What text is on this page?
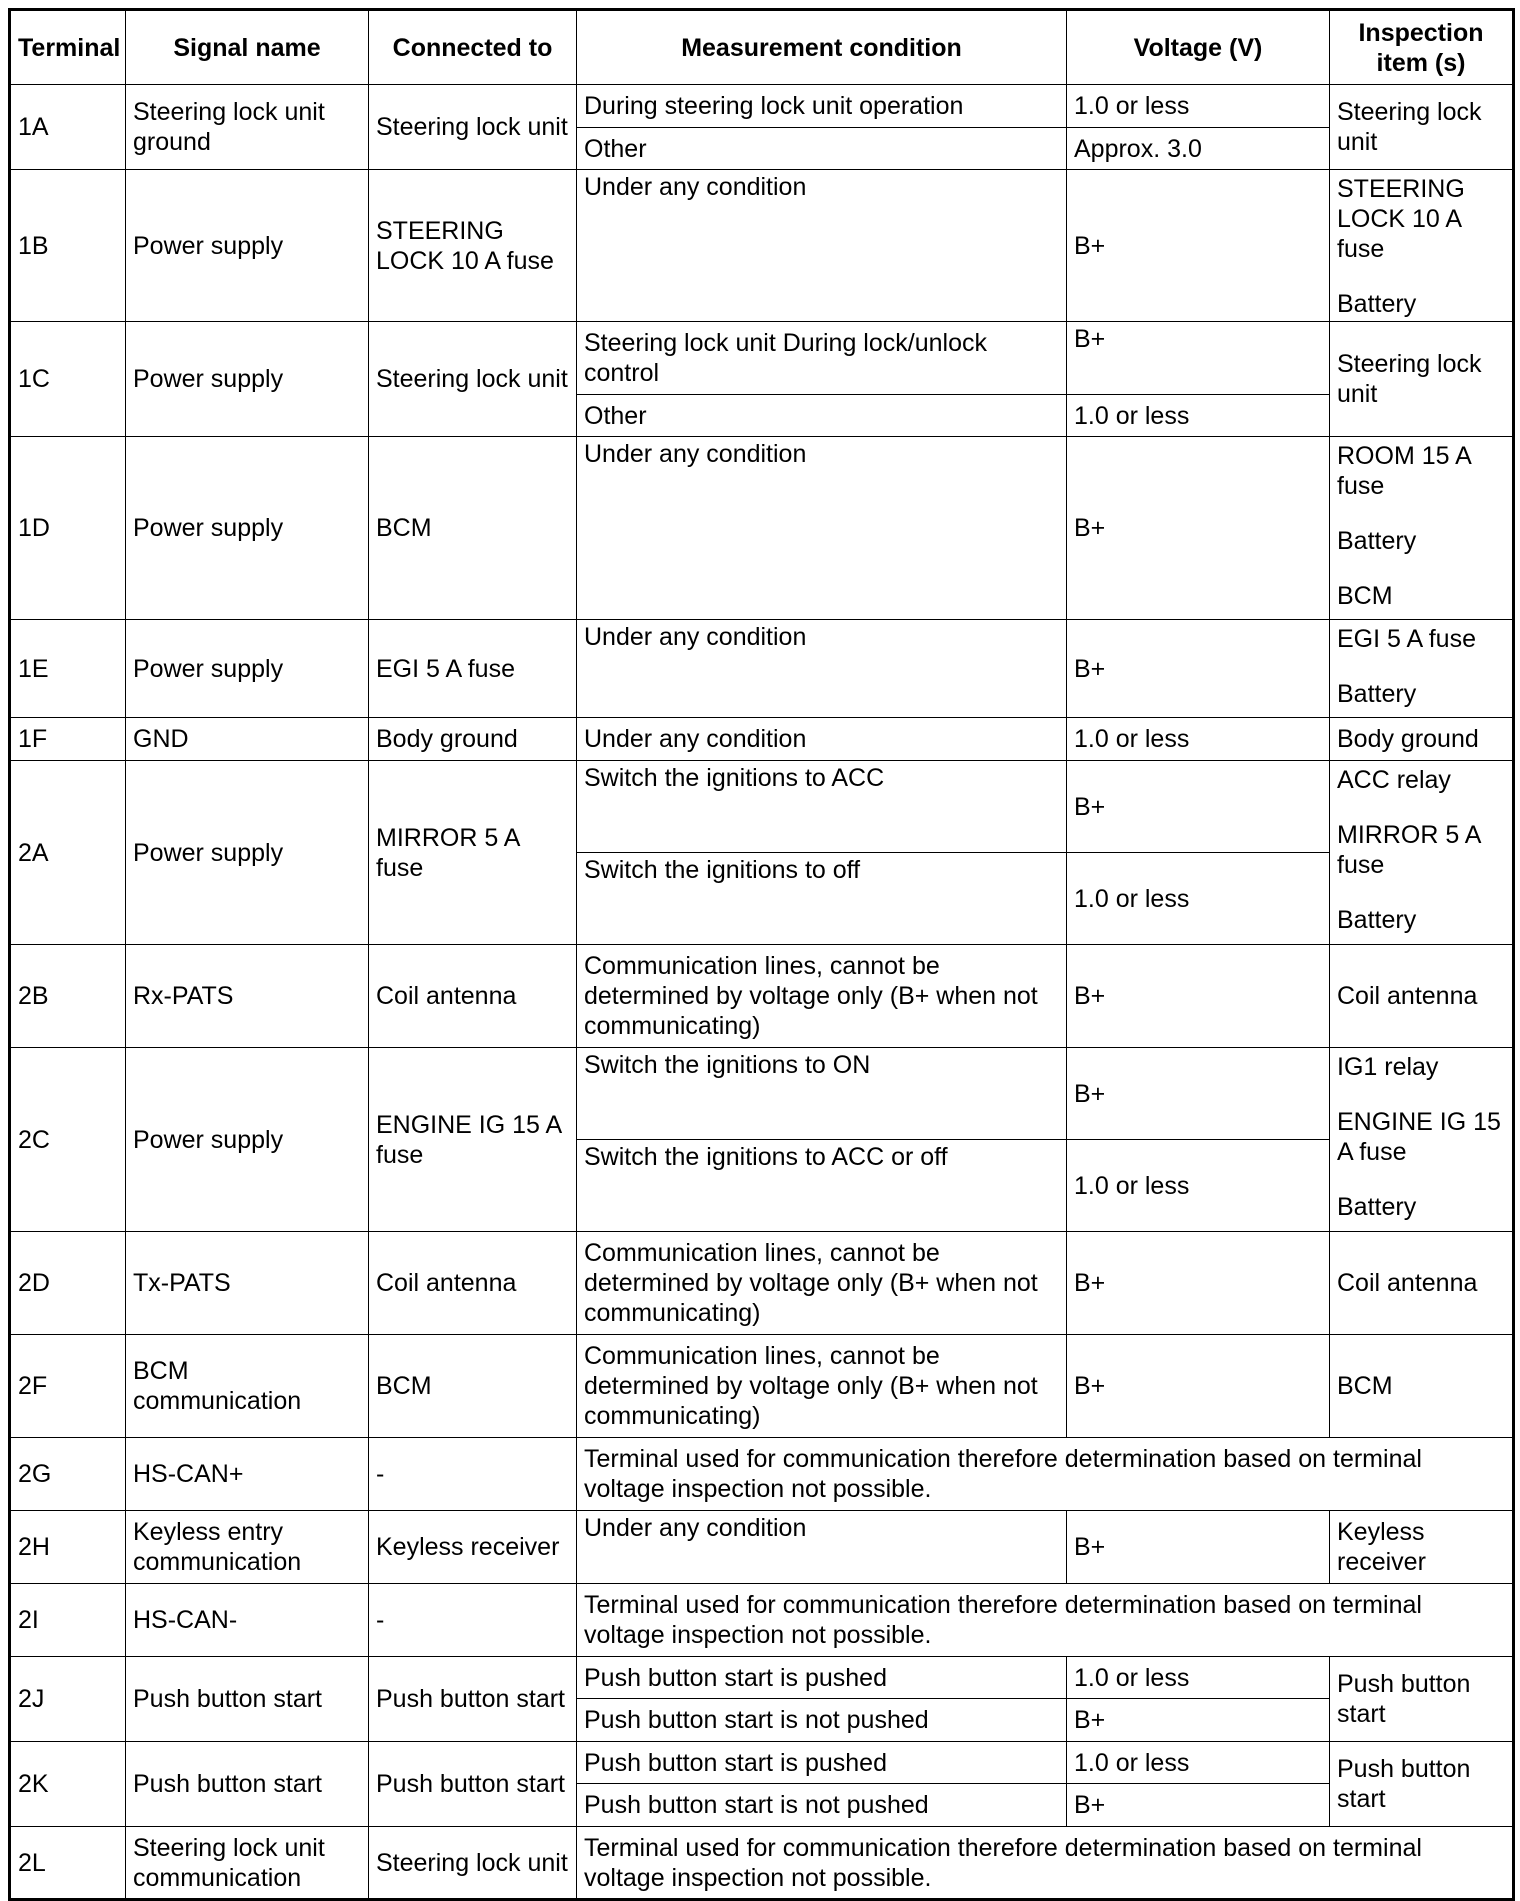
Terminal	Signal name	Connected to	Measurement condition	Voltage (V)	Inspection item (s)
1A	Steering lock unit ground	Steering lock unit	During steering lock unit operation	1.0 or less	Steering lock unit
			Other	Approx. 3.0	
1B	Power supply	STEERING LOCK 10 A fuse	Under any condition	B+	STEERING LOCK 10 A fuse
Battery

1C	Power supply	Steering lock unit	Steering lock unit During lock/unlock control	B+	Steering lock unit
			Other	1.0 or less	
1D	Power supply	BCM	Under any condition	B+	ROOM 15 A fuse
Battery
BCM

1E	Power supply	EGI 5 A fuse	Under any condition	B+	EGI 5 A fuse
Battery

1F	GND	Body ground	Under any condition	1.0 or less	Body ground
2A	Power supply	MIRROR 5 A fuse	Switch the ignitions to ACC	B+	ACC relay
MIRROR 5 A fuse
Battery

			Switch the ignitions to off	1.0 or less	
2B	Rx-PATS	Coil antenna	Communication lines, cannot be determined by voltage only (B+ when not communicating)	B+	Coil antenna
2C	Power supply	ENGINE IG 15 A fuse	Switch the ignitions to ON	B+	IG1 relay
ENGINE IG 15 A fuse
Battery

			Switch the ignitions to ACC or off	1.0 or less	
2D	Tx-PATS	Coil antenna	Communication lines, cannot be determined by voltage only (B+ when not communicating)	B+	Coil antenna
2F	BCM communication	BCM	Communication lines, cannot be determined by voltage only (B+ when not communicating)	B+	BCM
2G	HS-CAN+	-	Terminal used for communication therefore determination based on terminal voltage inspection not possible.		
2H	Keyless entry communication	Keyless receiver	Under any condition	B+	Keyless receiver
2I	HS-CAN-	-	Terminal used for communication therefore determination based on terminal voltage inspection not possible.		
2J	Push button start	Push button start	Push button start is pushed	1.0 or less	Push button start
			Push button start is not pushed	B+	
2K	Push button start	Push button start	Push button start is pushed	1.0 or less	Push button start
			Push button start is not pushed	B+	
2L	Steering lock unit communication	Steering lock unit	Terminal used for communication therefore determination based on terminal voltage inspection not possible.		
